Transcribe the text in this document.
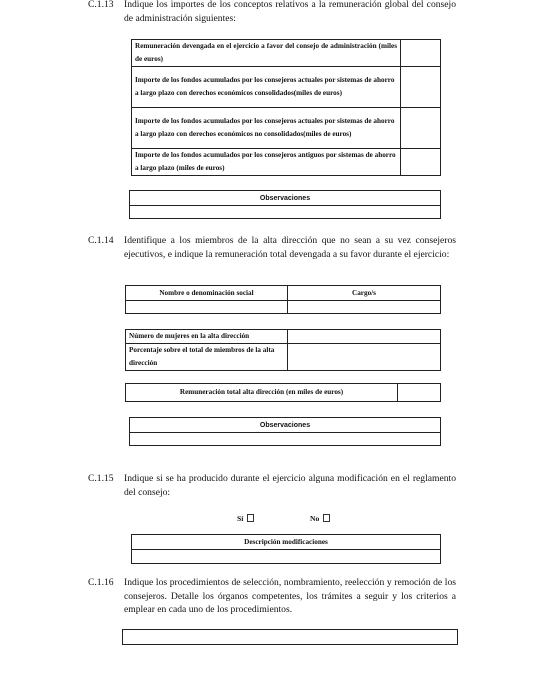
C.1.13 Indique los importes de los conceptos relativos a la remuneración global del consejo de administración siguientes:
Remuneración devengada en el ejercicio a favor del consejo de administración (miles de euros)	
Importe de los fondos acumulados por los consejeros actuales por sistemas de ahorro a largo plazo con derechos económicos consolidados(miles de euros)	
Importe de los fondos acumulados por los consejeros actuales por sistemas de ahorro a largo plazo con derechos económicos no consolidados(miles de euros)	
Importe de los fondos acumulados por los consejeros antiguos por sistemas de ahorro a largo plazo (miles de euros)	
Observaciones

C.1.14 Identifique a los miembros de la alta dirección que no sean a su vez consejeros ejecutivos, e indique la remuneración total devengada a su favor durante el ejercicio:
Nombre o denominación social	Cargo/s

Número de mujeres en la alta dirección	
Porcentaje sobre el total de miembros de la alta dirección	
Remuneración total alta dirección (en miles de euros)	
Observaciones

C.1.15 Indique si se ha producido durante el ejercicio alguna modificación en el reglamento del consejo:
Sí	No
Descripción modificaciones

C.1.16 Indique los procedimientos de selección, nombramiento, reelección y remoción de los consejeros. Detalle los órganos competentes, los trámites a seguir y los criterios a emplear en cada uno de los procedimientos.
